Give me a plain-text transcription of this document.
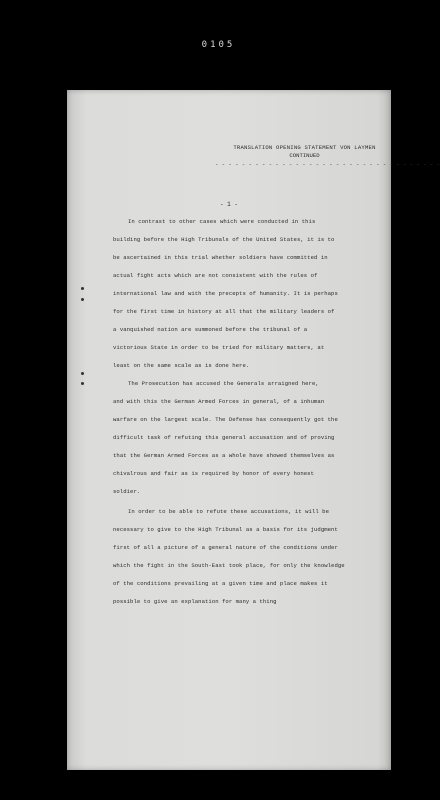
0105
TRANSLATION OPENING STATEMENT VON LAYMEN
CONTINUED
- - - - - - - - - - - - - - - - - - - - - - - - - - - - - - - - - -
- 1 -
In contrast to other cases which were conducted in this
building before the High Tribunals of the United States, it is to
be ascertained in this trial whether soldiers have committed in
actual fight acts which are not consistent with the rules of
international law and with the precepts of humanity. It is perhaps
for the first time in history at all that the military leaders of
a vanquished nation are summoned before the tribunal of a
victorious State in order to be tried for military matters, at
least on the same scale as is done here.
The Prosecution has accused the Generals arraigned here,
and with this the German Armed Forces in general, of a inhuman
warfare on the largest scale. The Defense has consequently got the
difficult task of refuting this general accusation and of proving
that the German Armed Forces as a whole have showed themselves as
chivalrous and fair as is required by honor of every honest
soldier.
In order to be able to refute these accusations, it will be
necessary to give to the High Tribunal as a basis for its judgment
first of all a picture of a general nature of the conditions under
which the fight in the South-East took place, for only the knowledge
of the conditions prevailing at a given time and place makes it
possible to give an explanation for many a thing
